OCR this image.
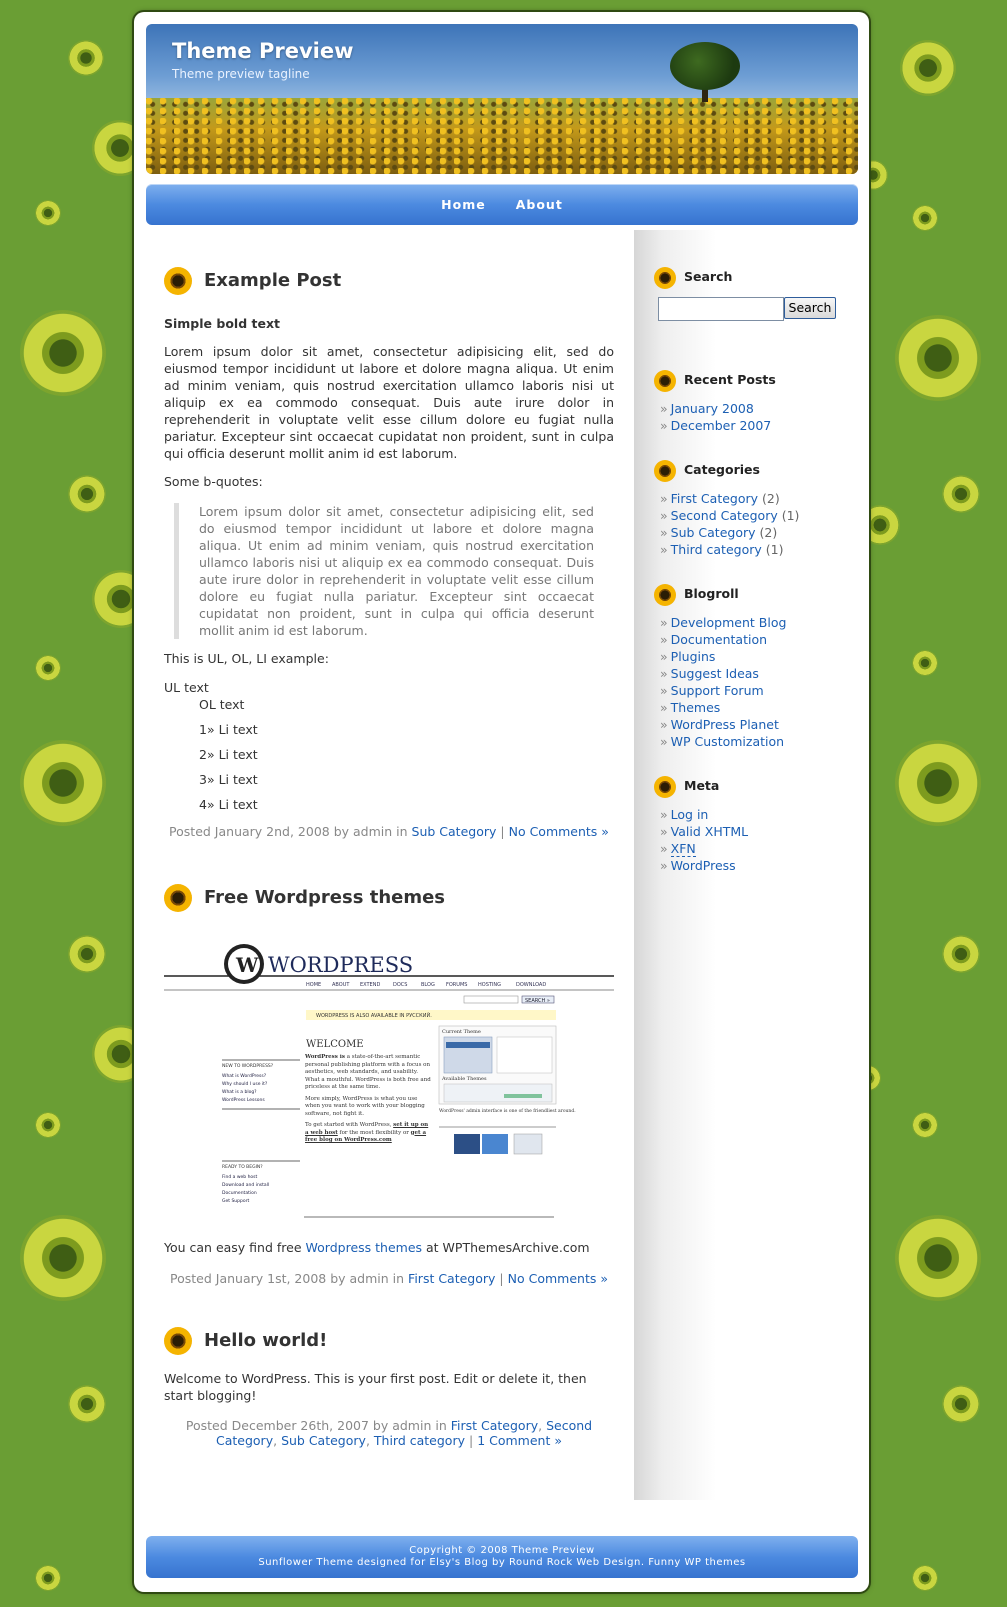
Theme Preview
Theme preview tagline
Home About
Example Post

Simple bold text

Lorem ipsum dolor sit amet, consectetur adipisicing elit, sed do eiusmod tempor incididunt ut labore et dolore magna aliqua. Ut enim ad minim veniam, quis nostrud exercitation ullamco laboris nisi ut aliquip ex ea commodo consequat. Duis aute irure dolor in reprehenderit in voluptate velit esse cillum dolore eu fugiat nulla pariatur. Excepteur sint occaecat cupidatat non proident, sunt in culpa qui officia deserunt mollit anim id est laborum.

Some b-quotes:

Lorem ipsum dolor sit amet, consectetur adipisicing elit, sed do eiusmod tempor incididunt ut labore et dolore magna aliqua. Ut enim ad minim veniam, quis nostrud exercitation ullamco laboris nisi ut aliquip ex ea commodo consequat. Duis aute irure dolor in reprehenderit in voluptate velit esse cillum dolore eu fugiat nulla pariatur. Excepteur sint occaecat cupidatat non proident, sunt in culpa qui officia deserunt mollit anim id est laborum.

This is UL, OL, LI example:

UL text

OL text

1» Li text

2» Li text

3» Li text

4» Li text

Posted January 2nd, 2008 by admin in Sub Category | No Comments »

Free Wordpress themes
W WORDPRESS
HOME ABOUT EXTEND	DOCS	BLOG FORUMS HOSTING	DOWNLOAD
SEARCH »
WORDPRESS IS ALSO AVAILABLE IN РУССКИЙ.
WELCOME
Current Theme
Available Themes
WordPress' admin interface is one of the friendliest around.
NEW TO WORDPRESS?
What is WordPress?
Why should I use it?
What is a blog?
WordPress Lessons
READY TO BEGIN?
Find a web host
Download and install
Documentation
Get Support
WordPress is a state-of-the-art semantic personal publishing platform with a focus on aesthetics, web standards, and usability. What a mouthful. WordPress is both free and priceless at the same time.
More simply, WordPress is what you use when you want to work with your blogging software, not fight it.
To get started with WordPress, set it up on a web host for the most flexibility or get a free blog on WordPress.com

You can easy find free Wordpress themes at WPThemesArchive.com

Posted January 1st, 2008 by admin in First Category | No Comments »

Hello world!

Welcome to WordPress. This is your first post. Edit or delete it, then start blogging!

Posted December 26th, 2007 by admin in First Category, Second Category, Sub Category, Third category | 1 Comment »

Search
Search
Recent Posts
» January 2008
» December 2007
Categories
» First Category (2)
» Second Category (1)
» Sub Category (2)
» Third category (1)
Blogroll
» Development Blog
» Documentation
» Plugins
» Suggest Ideas
» Support Forum
» Themes
» WordPress Planet
» WP Customization
Meta
» Log in
» Valid XHTML
» XFN
» WordPress
Copyright © 2008 Theme Preview
Sunflower Theme designed for Elsy's Blog by Round Rock Web Design. Funny WP themes
